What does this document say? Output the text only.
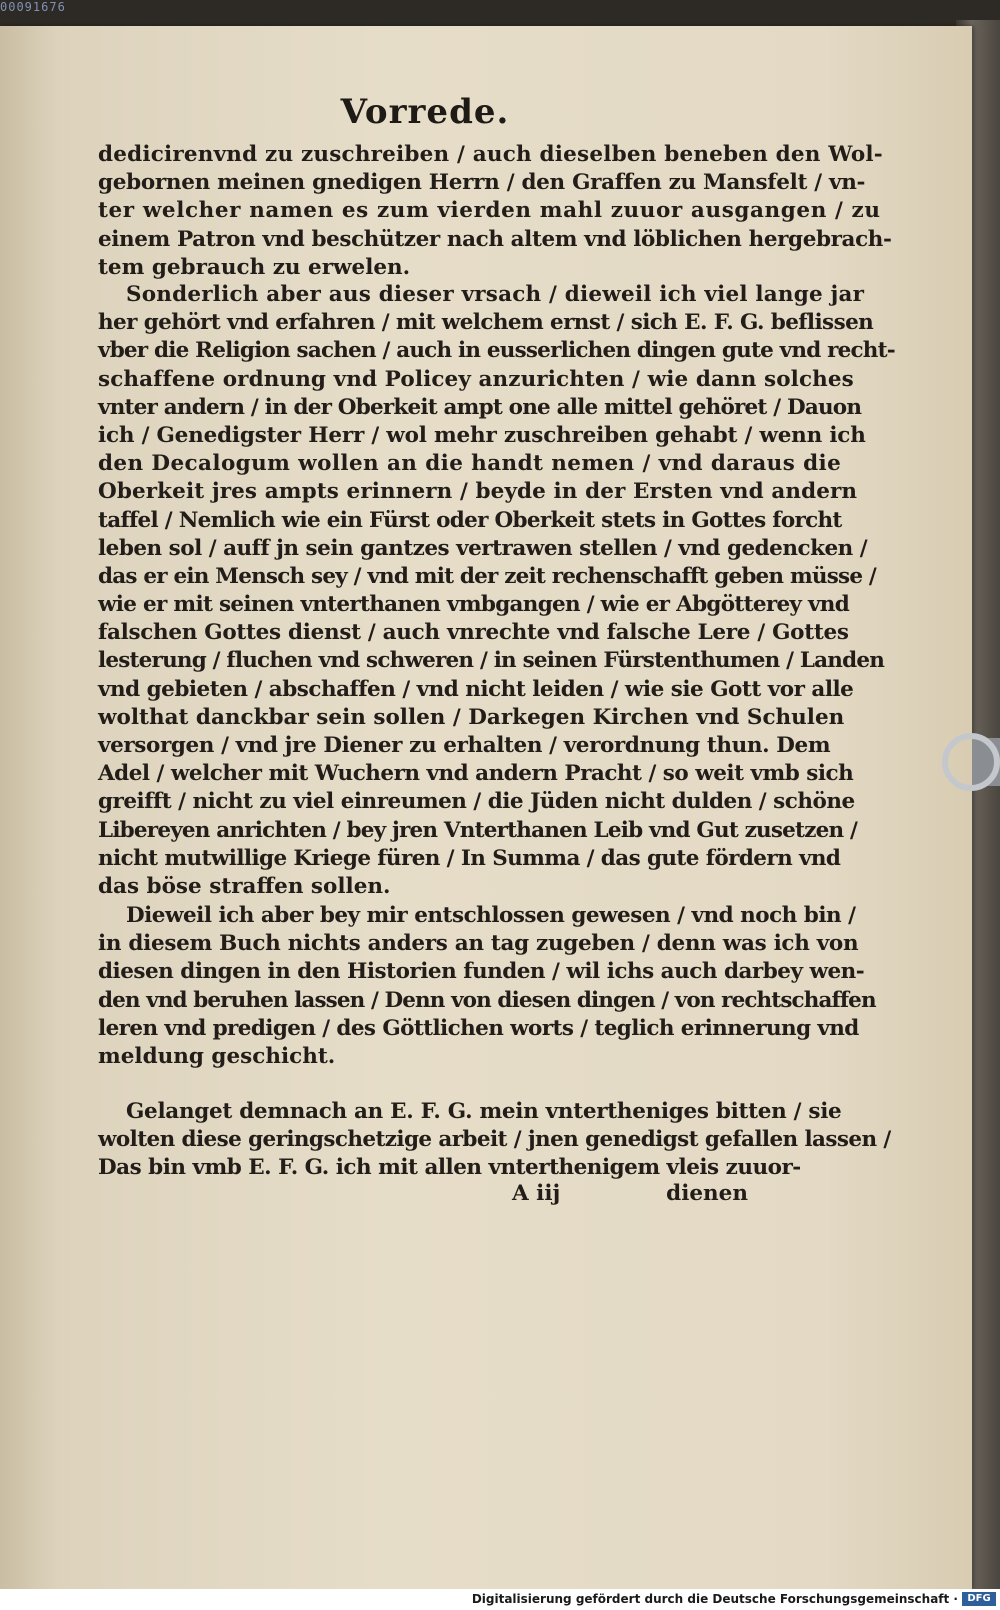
00091676
Vorrede.
dedicirenvnd zu zuschreiben / auch dieselben beneben den Wol-
gebornen meinen gnedigen Herrn / den Graffen zu Mansfelt / vn-
ter welcher namen es zum vierden mahl zuuor ausgangen / zu
einem Patron vnd beschützer nach altem vnd löblichen hergebrach-
tem gebrauch zu erwelen.
Sonderlich aber aus dieser vrsach / dieweil ich viel lange jar
her gehört vnd erfahren / mit welchem ernst / sich E. F. G. beflissen
vber die Religion sachen / auch in eusserlichen dingen gute vnd recht-
schaffene ordnung vnd Policey anzurichten / wie dann solches
vnter andern / in der Oberkeit ampt one alle mittel gehöret / Dauon
ich / Genedigster Herr / wol mehr zuschreiben gehabt / wenn ich
den Decalogum wollen an die handt nemen / vnd daraus die
Oberkeit jres ampts erinnern / beyde in der Ersten vnd andern
taffel / Nemlich wie ein Fürst oder Oberkeit stets in Gottes forcht
leben sol / auff jn sein gantzes vertrawen stellen / vnd gedencken /
das er ein Mensch sey / vnd mit der zeit rechenschafft geben müsse /
wie er mit seinen vnterthanen vmbgangen / wie er Abgötterey vnd
falschen Gottes dienst / auch vnrechte vnd falsche Lere / Gottes
lesterung / fluchen vnd schweren / in seinen Fürstenthumen / Landen
vnd gebieten / abschaffen / vnd nicht leiden / wie sie Gott vor alle
wolthat danckbar sein sollen / Darkegen Kirchen vnd Schulen
versorgen / vnd jre Diener zu erhalten / verordnung thun. Dem
Adel / welcher mit Wuchern vnd andern Pracht / so weit vmb sich
greifft / nicht zu viel einreumen / die Jüden nicht dulden / schöne
Libereyen anrichten / bey jren Vnterthanen Leib vnd Gut zusetzen /
nicht mutwillige Kriege füren / In Summa / das gute fördern vnd
das böse straffen sollen.
Dieweil ich aber bey mir entschlossen gewesen / vnd noch bin /
in diesem Buch nichts anders an tag zugeben / denn was ich von
diesen dingen in den Historien funden / wil ichs auch darbey wen-
den vnd beruhen lassen / Denn von diesen dingen / von rechtschaffen
leren vnd predigen / des Göttlichen worts / teglich erinnerung vnd
meldung geschicht.
Gelanget demnach an E. F. G. mein vntertheniges bitten / sie
wolten diese geringschetzige arbeit / jnen genedigst gefallen lassen /
Das bin vmb E. F. G. ich mit allen vnterthenigem vleis zuuor-
A iij	dienen
Digitalisierung gefördert durch die Deutsche Forschungsgemeinschaft · DFG
